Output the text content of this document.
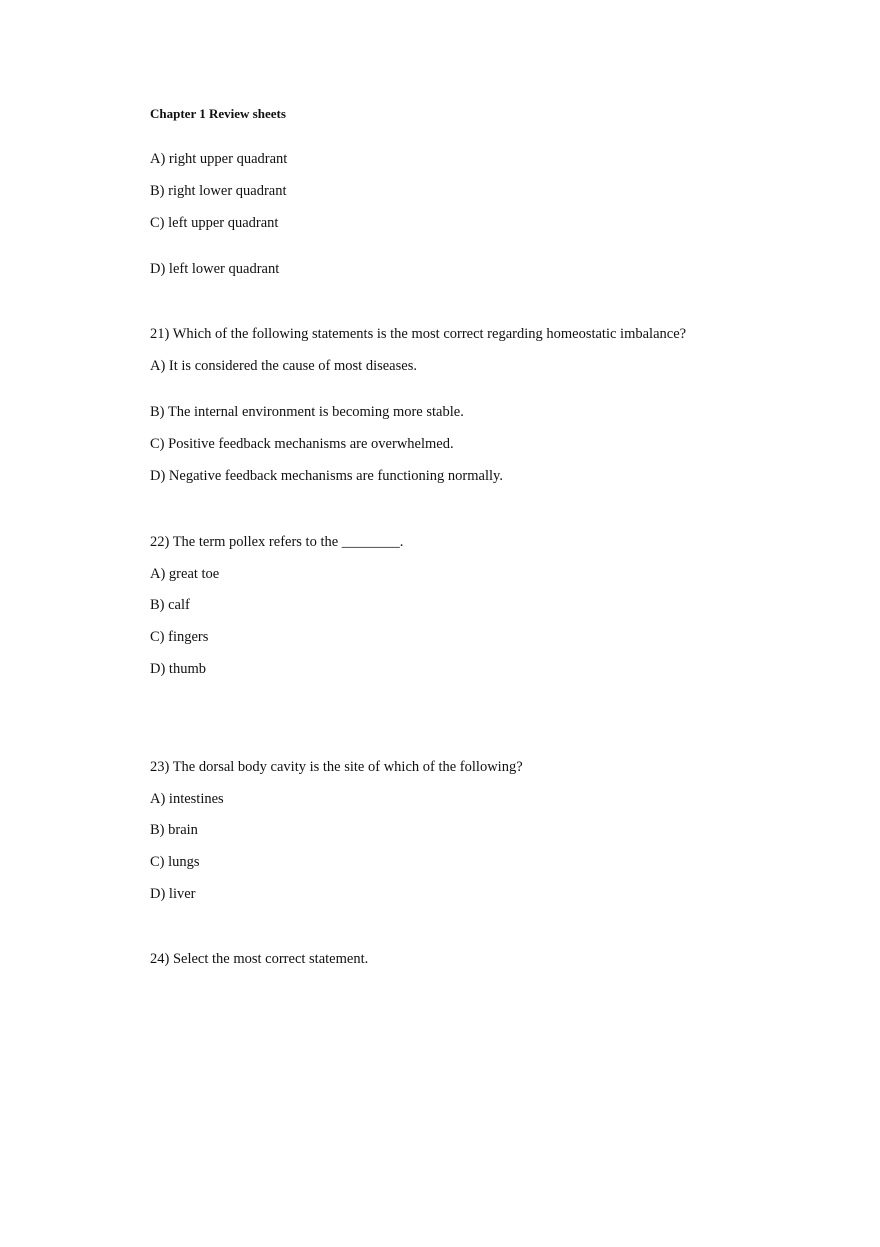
Chapter 1 Review sheets
A) right upper quadrant
B) right lower quadrant
C) left upper quadrant
D) left lower quadrant
21) Which of the following statements is the most correct regarding homeostatic imbalance?
A) It is considered the cause of most diseases.
B) The internal environment is becoming more stable.
C) Positive feedback mechanisms are overwhelmed.
D) Negative feedback mechanisms are functioning normally.
22) The term pollex refers to the ________.
A) great toe
B) calf
C) fingers
D) thumb
23) The dorsal body cavity is the site of which of the following?
A) intestines
B) brain
C) lungs
D) liver
24) Select the most correct statement.
